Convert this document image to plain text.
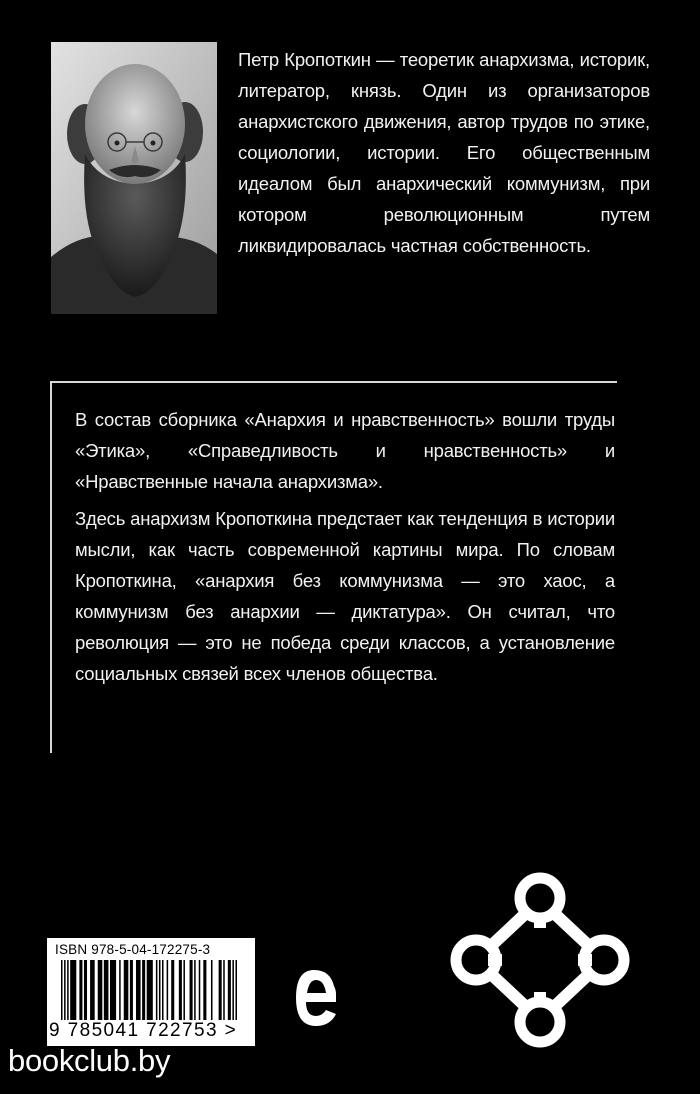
Петр Кропоткин — теоретик анархизма, историк, литератор, князь. Один из организаторов анархистского движения, автор трудов по этике, социологии, истории. Его общественным идеалом был анархический коммунизм, при котором революционным путем ликвидировалась частная собственность.

В состав сборника «Анархия и нравственность» вошли труды «Этика», «Справедливость и нравственность» и «Нравственные начала анархизма».

Здесь анархизм Кропоткина предстает как тенденция в истории мысли, как часть современной картины мира. По словам Кропоткина, «анархия без коммунизма — это хаос, а коммунизм без анархии — диктатура». Он считал, что революция — это не победа среди классов, а установление социальных связей всех членов общества.

ISBN 978-5-04-172275-3
9 785041 722753 >
bookclub.by
